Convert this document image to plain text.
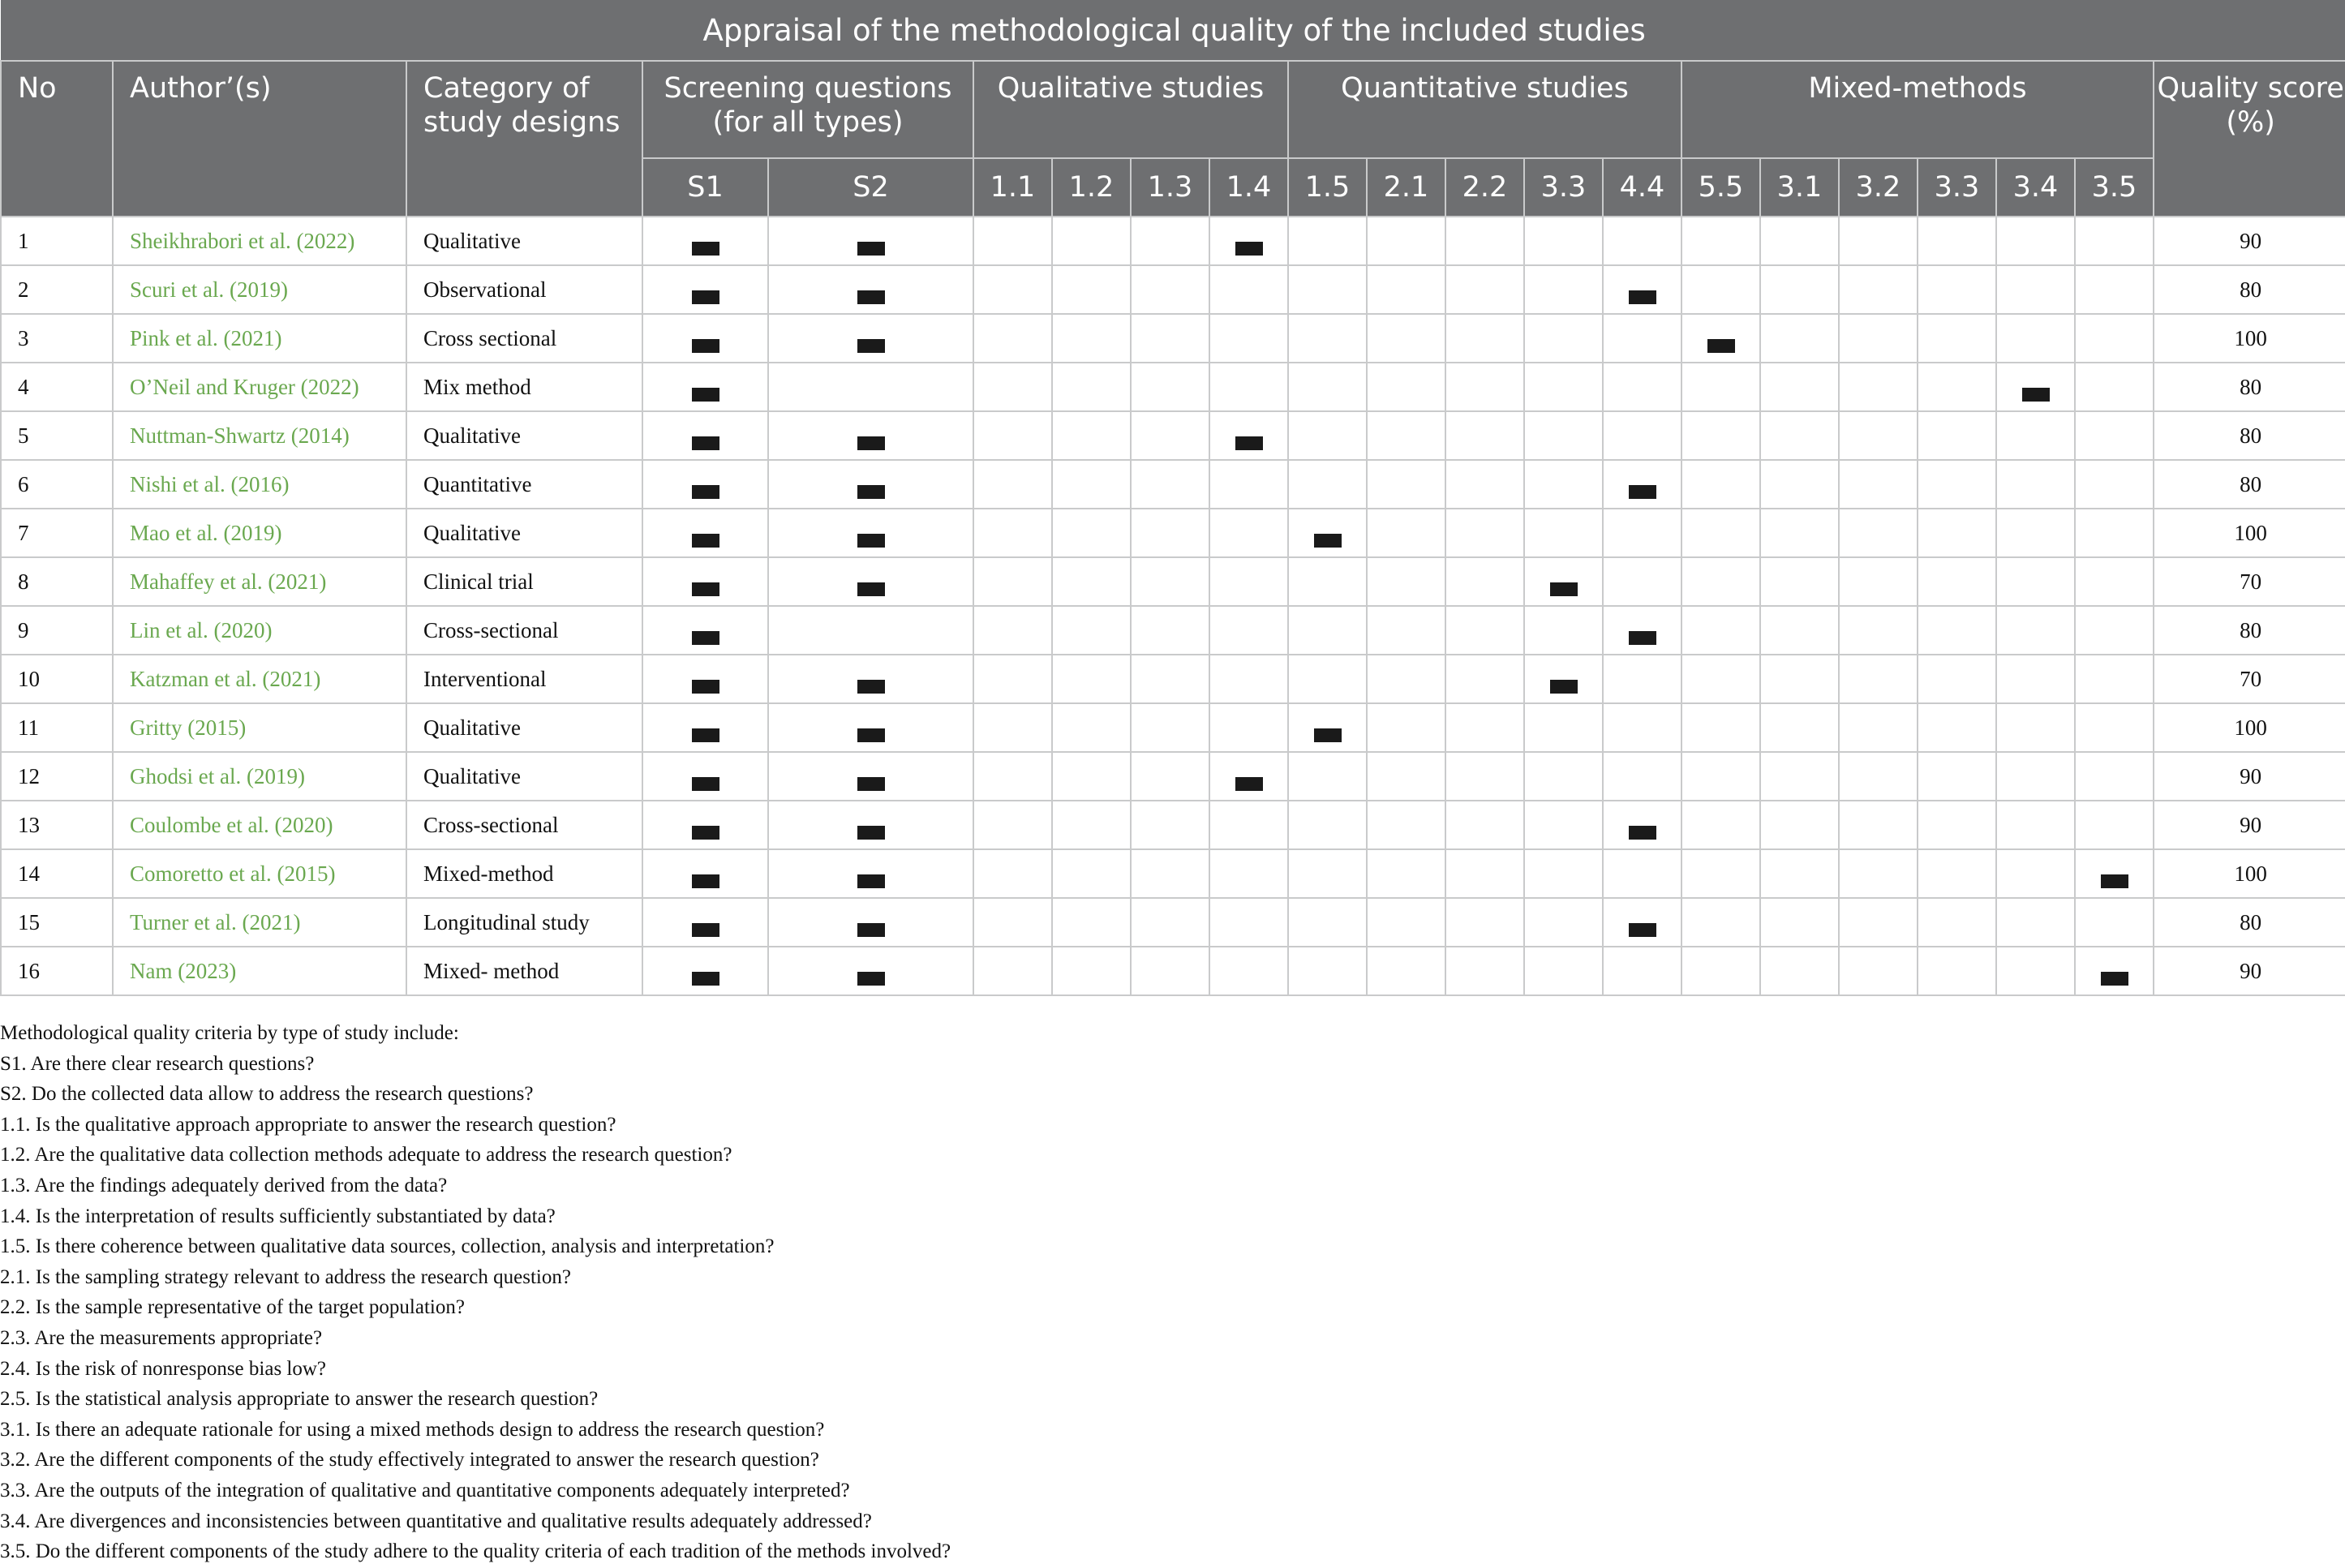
Appraisal of the methodological quality of the included studies																				
No	Author’(s)	Category of study designs	Screening questions (for all types)		Qualitative studies				Quantitative studies					Mixed-methods						Quality score (%)
			S1	S2	1.1	1.2	1.3	1.4	1.5	2.1	2.2	3.3	4.4	5.5	3.1	3.2	3.3	3.4	3.5	
1	Sheikhrabori et al. (2022)	Qualitative																		90
2	Scuri et al. (2019)	Observational																		80
3	Pink et al. (2021)	Cross sectional																		100
4	O’Neil and Kruger (2022)	Mix method																		80
5	Nuttman-Shwartz (2014)	Qualitative																		80
6	Nishi et al. (2016)	Quantitative																		80
7	Mao et al. (2019)	Qualitative																		100
8	Mahaffey et al. (2021)	Clinical trial																		70
9	Lin et al. (2020)	Cross-sectional																		80
10	Katzman et al. (2021)	Interventional																		70
11	Gritty (2015)	Qualitative																		100
12	Ghodsi et al. (2019)	Qualitative																		90
13	Coulombe et al. (2020)	Cross-sectional																		90
14	Comoretto et al. (2015)	Mixed-method																		100
15	Turner et al. (2021)	Longitudinal study																		80
16	Nam (2023)	Mixed- method																		90
Methodological quality criteria by type of study include:
S1. Are there clear research questions?
S2. Do the collected data allow to address the research questions?
1.1. Is the qualitative approach appropriate to answer the research question?
1.2. Are the qualitative data collection methods adequate to address the research question?
1.3. Are the findings adequately derived from the data?
1.4. Is the interpretation of results sufficiently substantiated by data?
1.5. Is there coherence between qualitative data sources, collection, analysis and interpretation?
2.1. Is the sampling strategy relevant to address the research question?
2.2. Is the sample representative of the target population?
2.3. Are the measurements appropriate?
2.4. Is the risk of nonresponse bias low?
2.5. Is the statistical analysis appropriate to answer the research question?
3.1. Is there an adequate rationale for using a mixed methods design to address the research question?
3.2. Are the different components of the study effectively integrated to answer the research question?
3.3. Are the outputs of the integration of qualitative and quantitative components adequately interpreted?
3.4. Are divergences and inconsistencies between quantitative and qualitative results adequately addressed?
3.5. Do the different components of the study adhere to the quality criteria of each tradition of the methods involved?
